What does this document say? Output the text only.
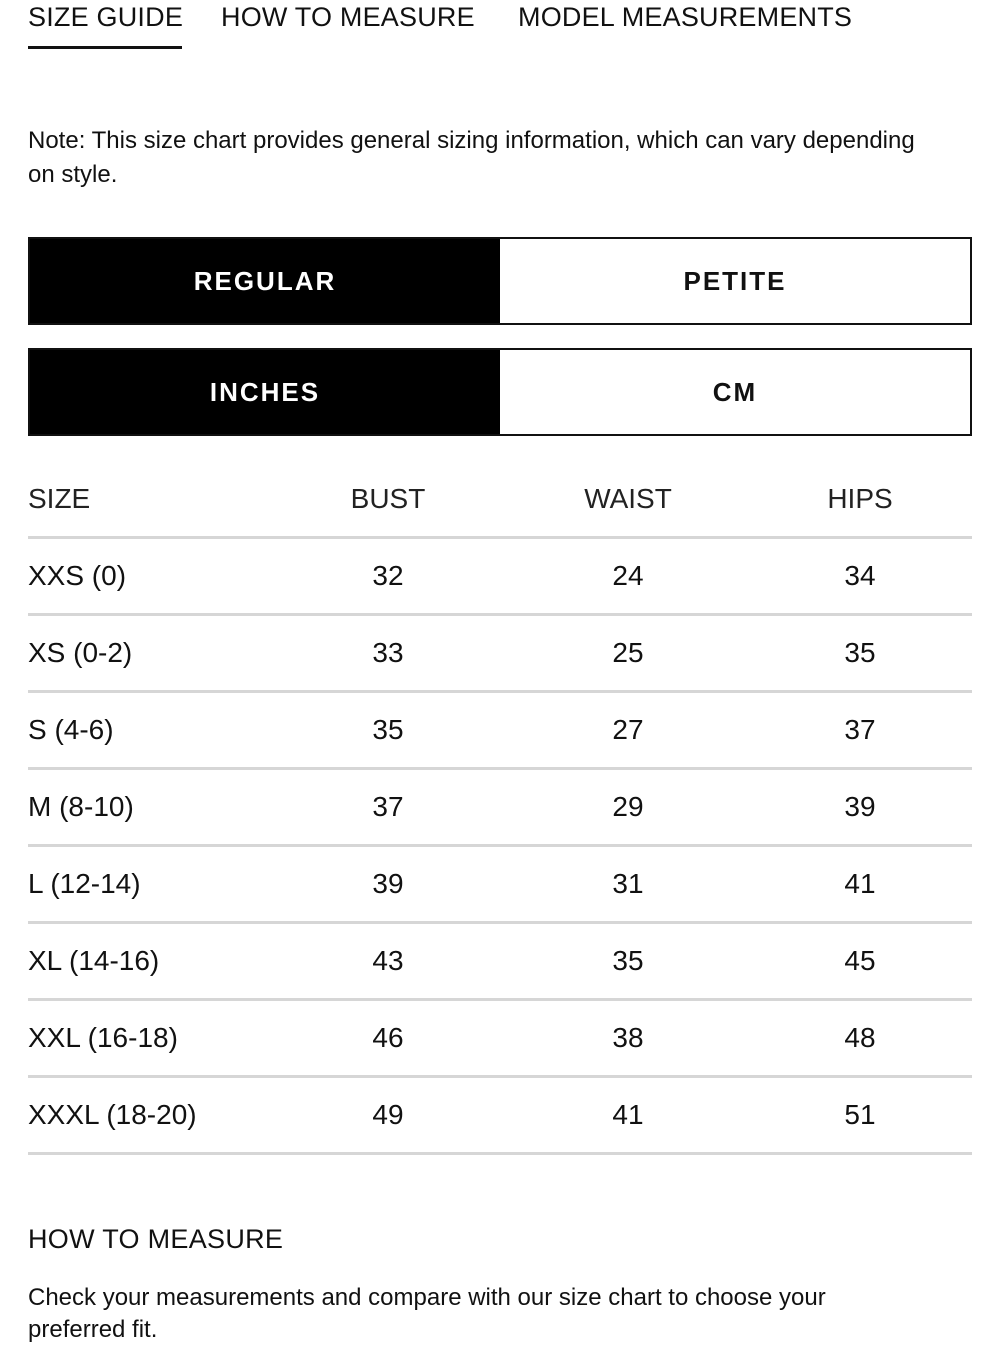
SIZE GUIDE HOW TO MEASURE MODEL MEASUREMENTS
Note: This size chart provides general sizing information, which can vary depending on style.
REGULAR	PETITE
INCHES	CM
SIZE	BUST	WAIST	HIPS
XXS (0)	32	24	34
XS (0-2)	33	25	35
S (4-6)	35	27	37
M (8-10)	37	29	39
L (12-14)	39	31	41
XL (14-16)	43	35	45
XXL (16-18)	46	38	48
XXXL (18-20)	49	41	51
HOW TO MEASURE
Check your measurements and compare with our size chart to choose your preferred fit.
